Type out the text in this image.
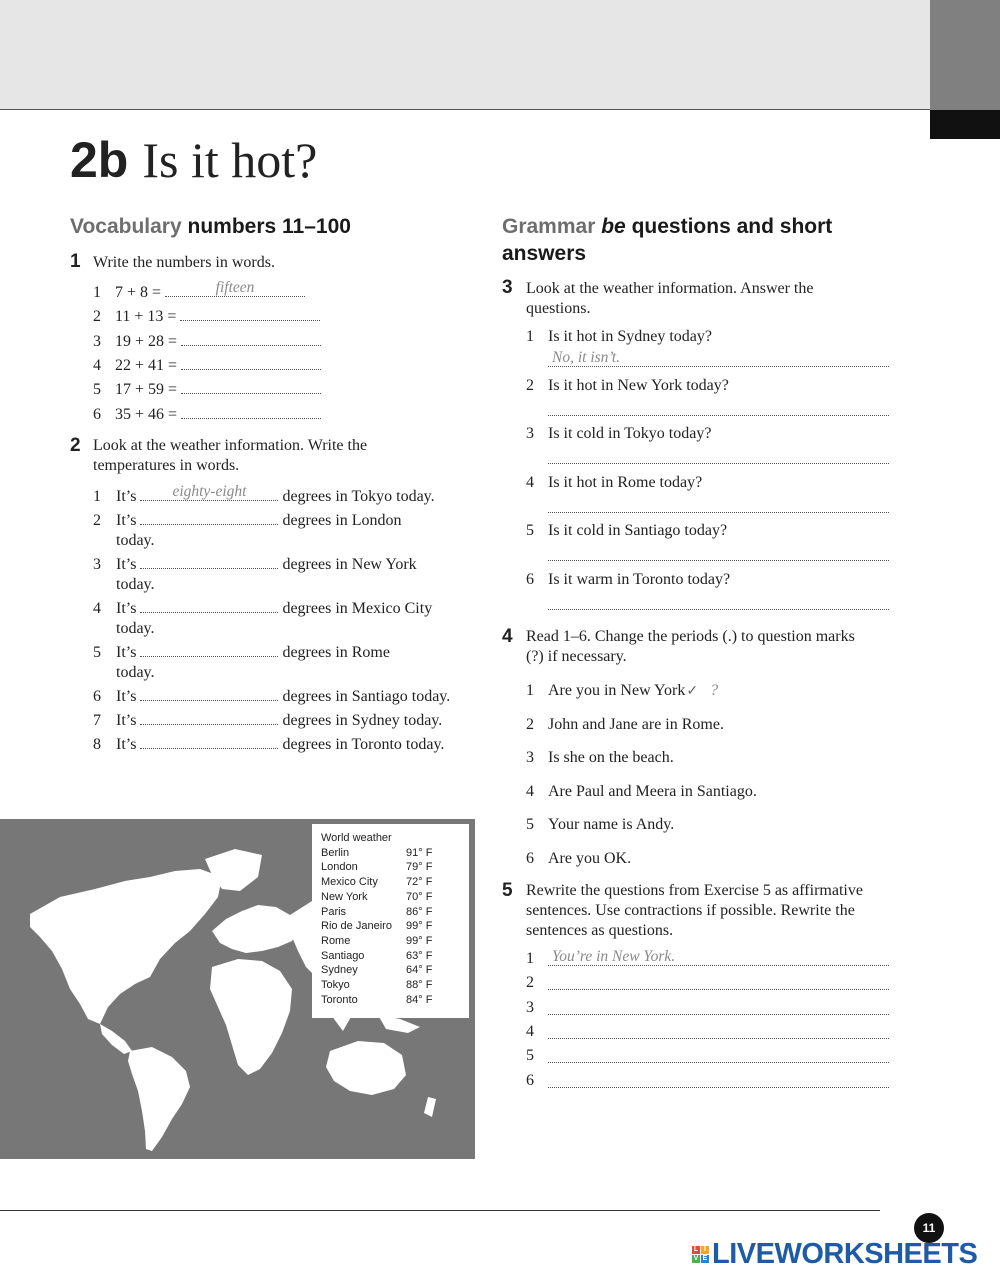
2b Is it hot?
Vocabulary numbers 11–100
1 Write the numbers in words.
2 Look at the weather information. Write the
temperatures in words.
World weather
Berlin	91° F
London	79° F
Mexico City	72° F
New York	70° F
Paris	86° F
Rio de Janeiro	99° F
Rome	99° F
Santiago	63° F
Sydney	64° F
Tokyo	88° F
Toronto	84° F
Grammar be questions and short
answers
3 Look at the weather information. Answer the
questions.
4 Read 1–6. Change the periods (.) to question marks
(?) if necessary.
5 Rewrite the questions from Exercise 5 as affirmative
sentences. Use contractions if possible. Rewrite the
sentences as questions.
11
L I
V E LIVEWORKSHEETS
1 7 + 8 =	fifteen
2 11 + 13 =
3 19 + 28 =
4 22 + 41 =
5 17 + 59 =
6 35 + 46 =
1 It’s	eighty-eight	degrees in Tokyo today.
2 It’s	degrees in London
today.
3 It’s	degrees in New York
today.
4 It’s	degrees in Mexico City
today.
5 It’s	degrees in Rome
today.
6 It’s	degrees in Santiago today.
7 It’s	degrees in Sydney today.
8 It’s	degrees in Toronto today.
1 Is it hot in Sydney today?
No, it isn’t.
2 Is it hot in New York today?
3 Is it cold in Tokyo today?
4 Is it hot in Rome today?
5 Is it cold in Santiago today?
6 Is it warm in Toronto today?
1 Are you in New York✓ ?
2 John and Jane are in Rome.
3 Is she on the beach.
4 Are Paul and Meera in Santiago.
5 Your name is Andy.
6 Are you OK.
1 You’re in New York.
2
3
4
5
6
